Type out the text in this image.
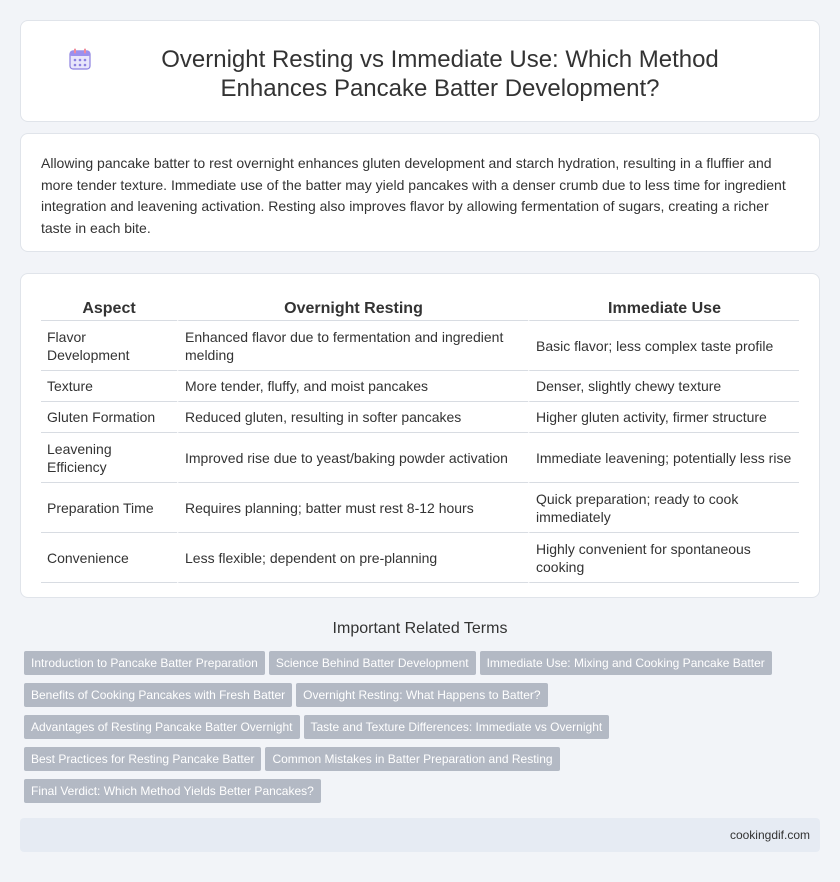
Overnight Resting vs Immediate Use: Which Method Enhances Pancake Batter Development?

Allowing pancake batter to rest overnight enhances gluten development and starch hydration, resulting in a fluffier and more tender texture. Immediate use of the batter may yield pancakes with a denser crumb due to less time for ingredient integration and leavening activation. Resting also improves flavor by allowing fermentation of sugars, creating a richer taste in each bite.

Aspect	Overnight Resting	Immediate Use
Flavor Development	Enhanced flavor due to fermentation and ingredient melding	Basic flavor; less complex taste profile
Texture	More tender, fluffy, and moist pancakes	Denser, slightly chewy texture
Gluten Formation	Reduced gluten, resulting in softer pancakes	Higher gluten activity, firmer structure
Leavening Efficiency	Improved rise due to yeast/baking powder activation	Immediate leavening; potentially less rise
Preparation Time	Requires planning; batter must rest 8-12 hours	Quick preparation; ready to cook immediately
Convenience	Less flexible; dependent on pre-planning	Highly convenient for spontaneous cooking
Important Related Terms
Introduction to Pancake Batter Preparation Science Behind Batter Development Immediate Use: Mixing and Cooking Pancake Batter
Benefits of Cooking Pancakes with Fresh Batter Overnight Resting: What Happens to Batter?
Advantages of Resting Pancake Batter Overnight Taste and Texture Differences: Immediate vs Overnight
Best Practices for Resting Pancake Batter Common Mistakes in Batter Preparation and Resting
Final Verdict: Which Method Yields Better Pancakes?
cookingdif.com
